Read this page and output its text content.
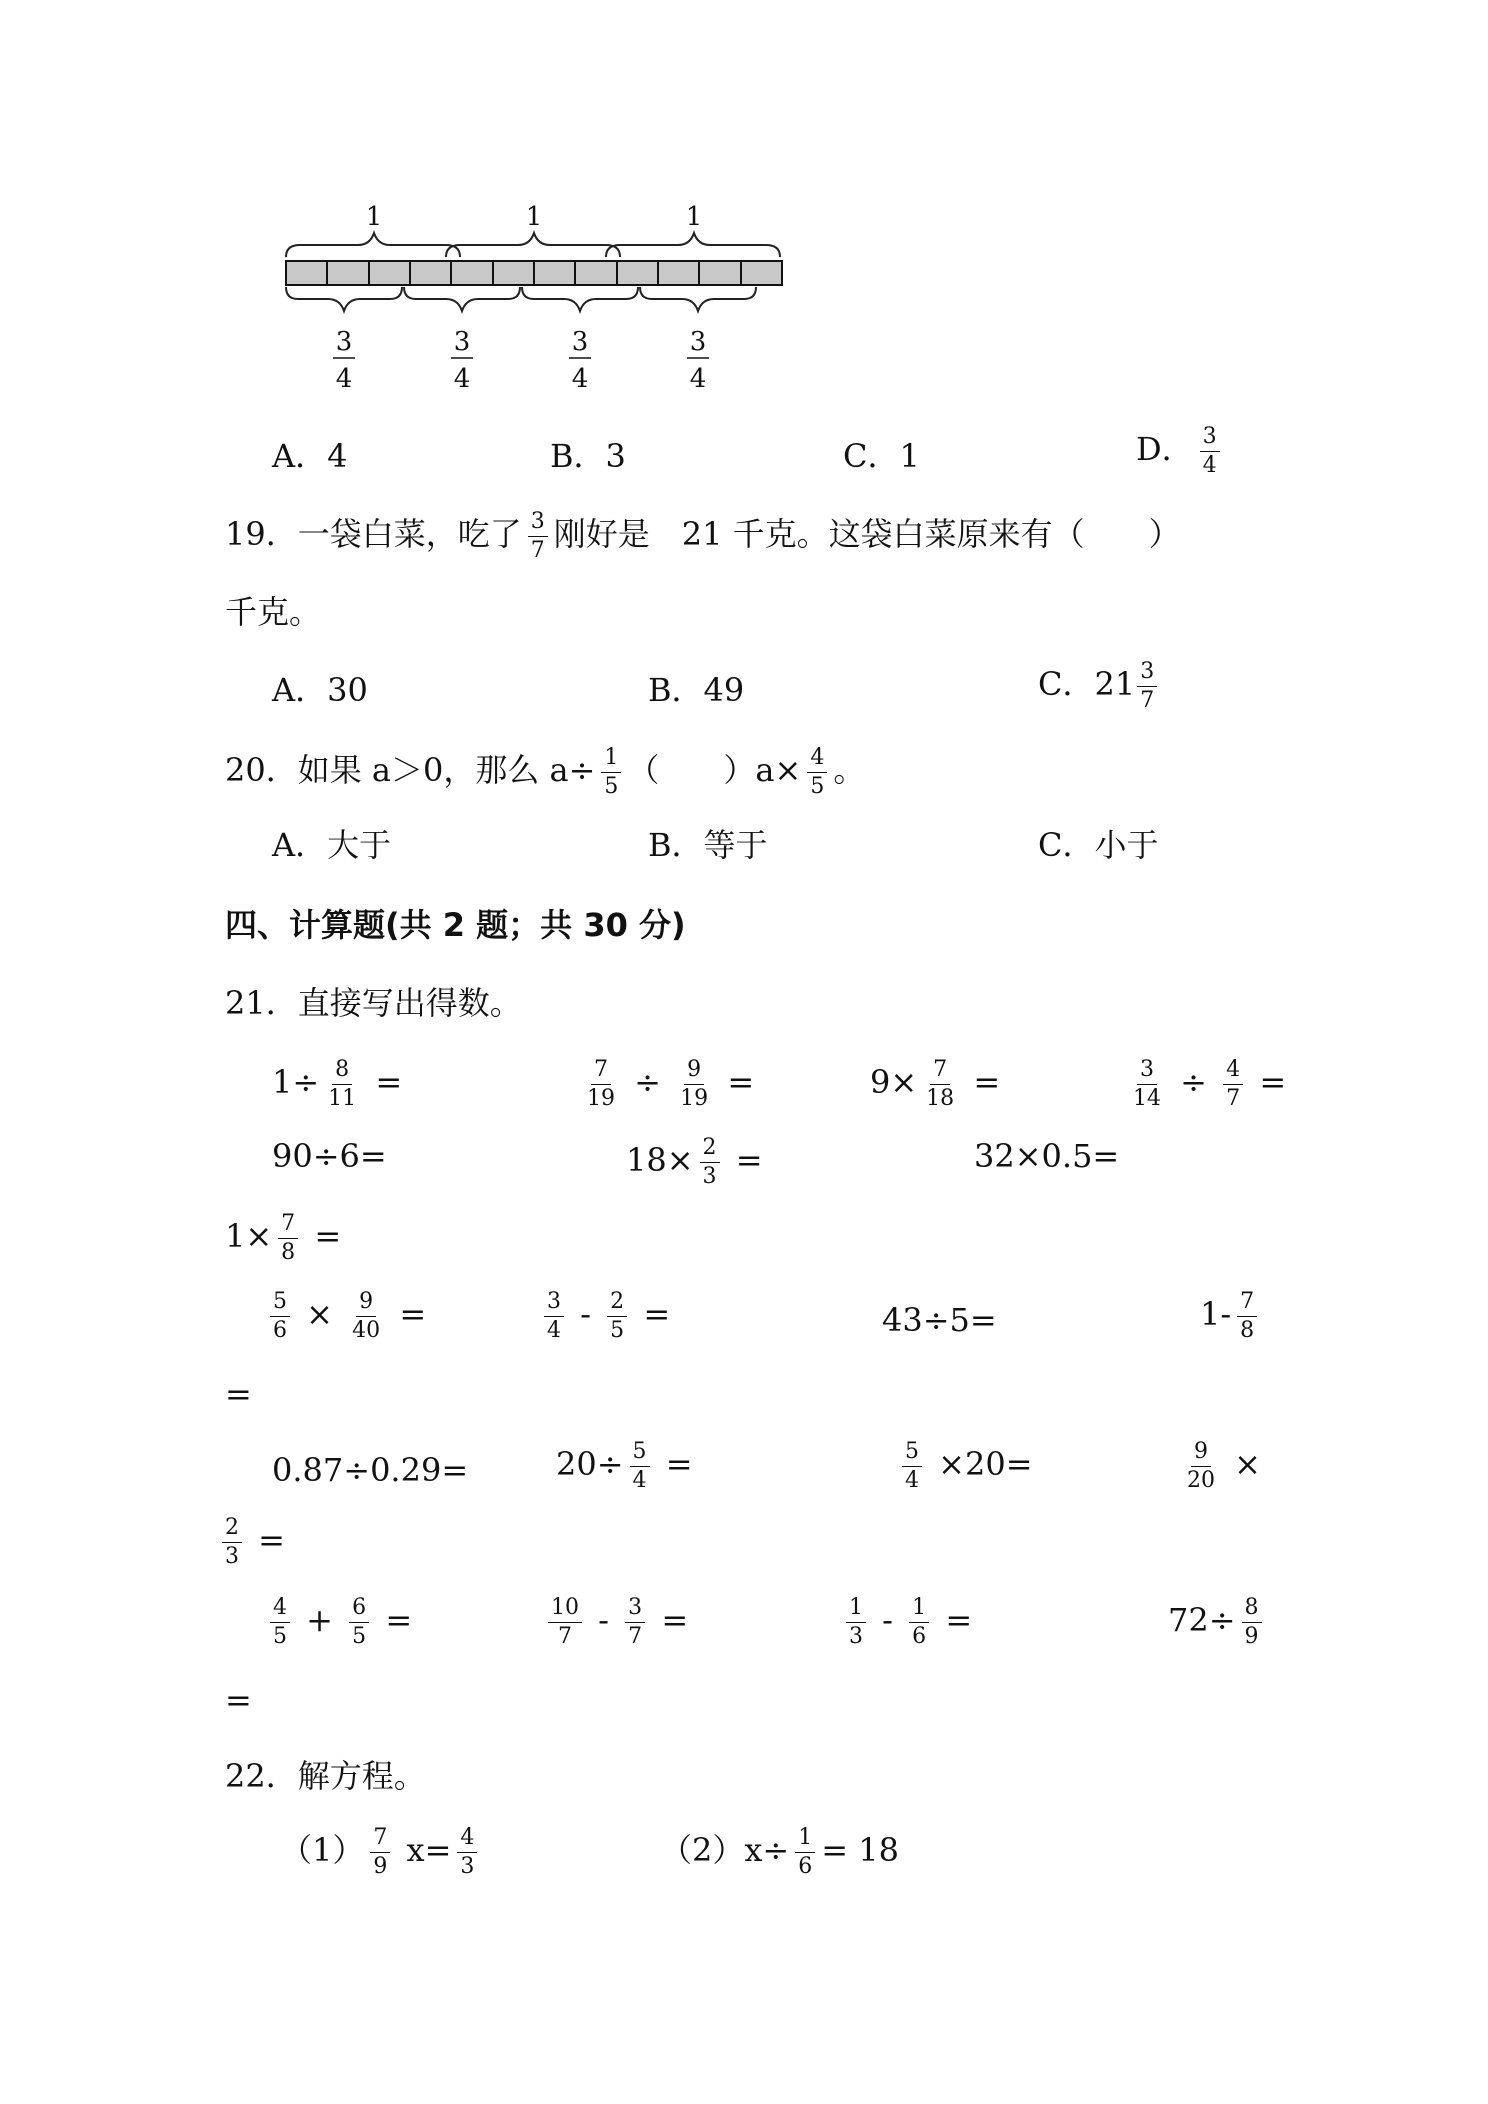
1	1	1
3
4
3
4
3
4
3
4
A．4	B．3	C．1	D． $\frac{3}{4}$
19．一袋白菜，吃了 $\frac{3}{7}$ 刚好是　21 千克。这袋白菜原来有（　　）
千克。
A．30	B．49	C．$21 \frac{3}{7}$
20．如果 a＞0，那么 $a\div \frac{1}{5}$ （　　）$a\times \frac{4}{5}$ 。
A．大于	B．等于	C．小于
四、计算题(共 2 题；共 30 分)
21．直接写出得数。
$1\div \frac{8}{11}$ =	$\frac{7}{19} \div \frac{9}{19}$ =	$9\times \frac{7}{18}$ =	$\frac{3}{14} \div \frac{4}{7}$ =
90÷6=	$18\times \frac{2}{3}$ =	32×0.5=
$1\times \frac{7}{8}$ =
$\frac{5}{6} \times \frac{9}{40}$ =	$\frac{3}{4} - \frac{2}{5}$ =	43÷5=	$1- \frac{7}{8}$
=
0.87÷0.29=	$20\div \frac{5}{4}$ =	$\frac{5}{4} \times 20=$	$\frac{9}{20}$ ×
$\frac{2}{3}$ =
$\frac{4}{5} + \frac{6}{5}$ =	$\frac{10}{7} - \frac{3}{7}$ =	$\frac{1}{3} - \frac{1}{6}$ =	$72\div \frac{8}{9}$
=
22．解方程。
$(1) \frac{7}{9} x= \frac{4}{3}$	$(2)x\div \frac{1}{6} = 18$
